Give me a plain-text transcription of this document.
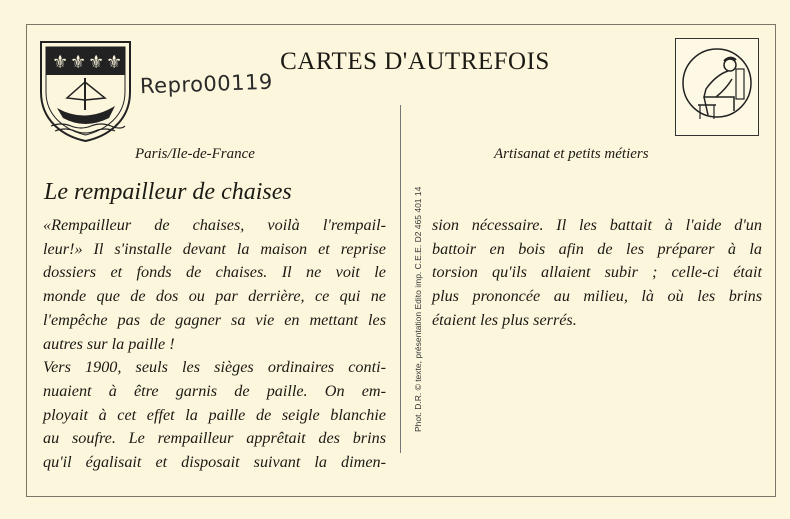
⚜ ⚜ ⚜ ⚜	CARTES D'AUTREFOIS
Repro00119
Paris/Ile-de-France	Artisanat et petits métiers
Le rempailleur de chaises	Phot. D.R. © texte, présentation Edito imp. C.E.E. D2 465 401 14
«Rempailleur de chaises, voilà l'rempail-
leur!» Il s'installe devant la maison et reprise
dossiers et fonds de chaises. Il ne voit le
monde que de dos ou par derrière, ce qui ne
l'empêche pas de gagner sa vie en mettant les
autres sur la paille !
Vers 1900, seuls les sièges ordinaires conti-
nuaient à être garnis de paille. On em-
ployait à cet effet la paille de seigle blanchie
au soufre. Le rempailleur apprêtait des brins
qu'il égalisait et disposait suivant la dimen-
sion nécessaire. Il les battait à l'aide d'un
battoir en bois afin de les préparer à la
torsion qu'ils allaient subir ; celle-ci était
plus prononcée au milieu, là où les brins
étaient les plus serrés.
